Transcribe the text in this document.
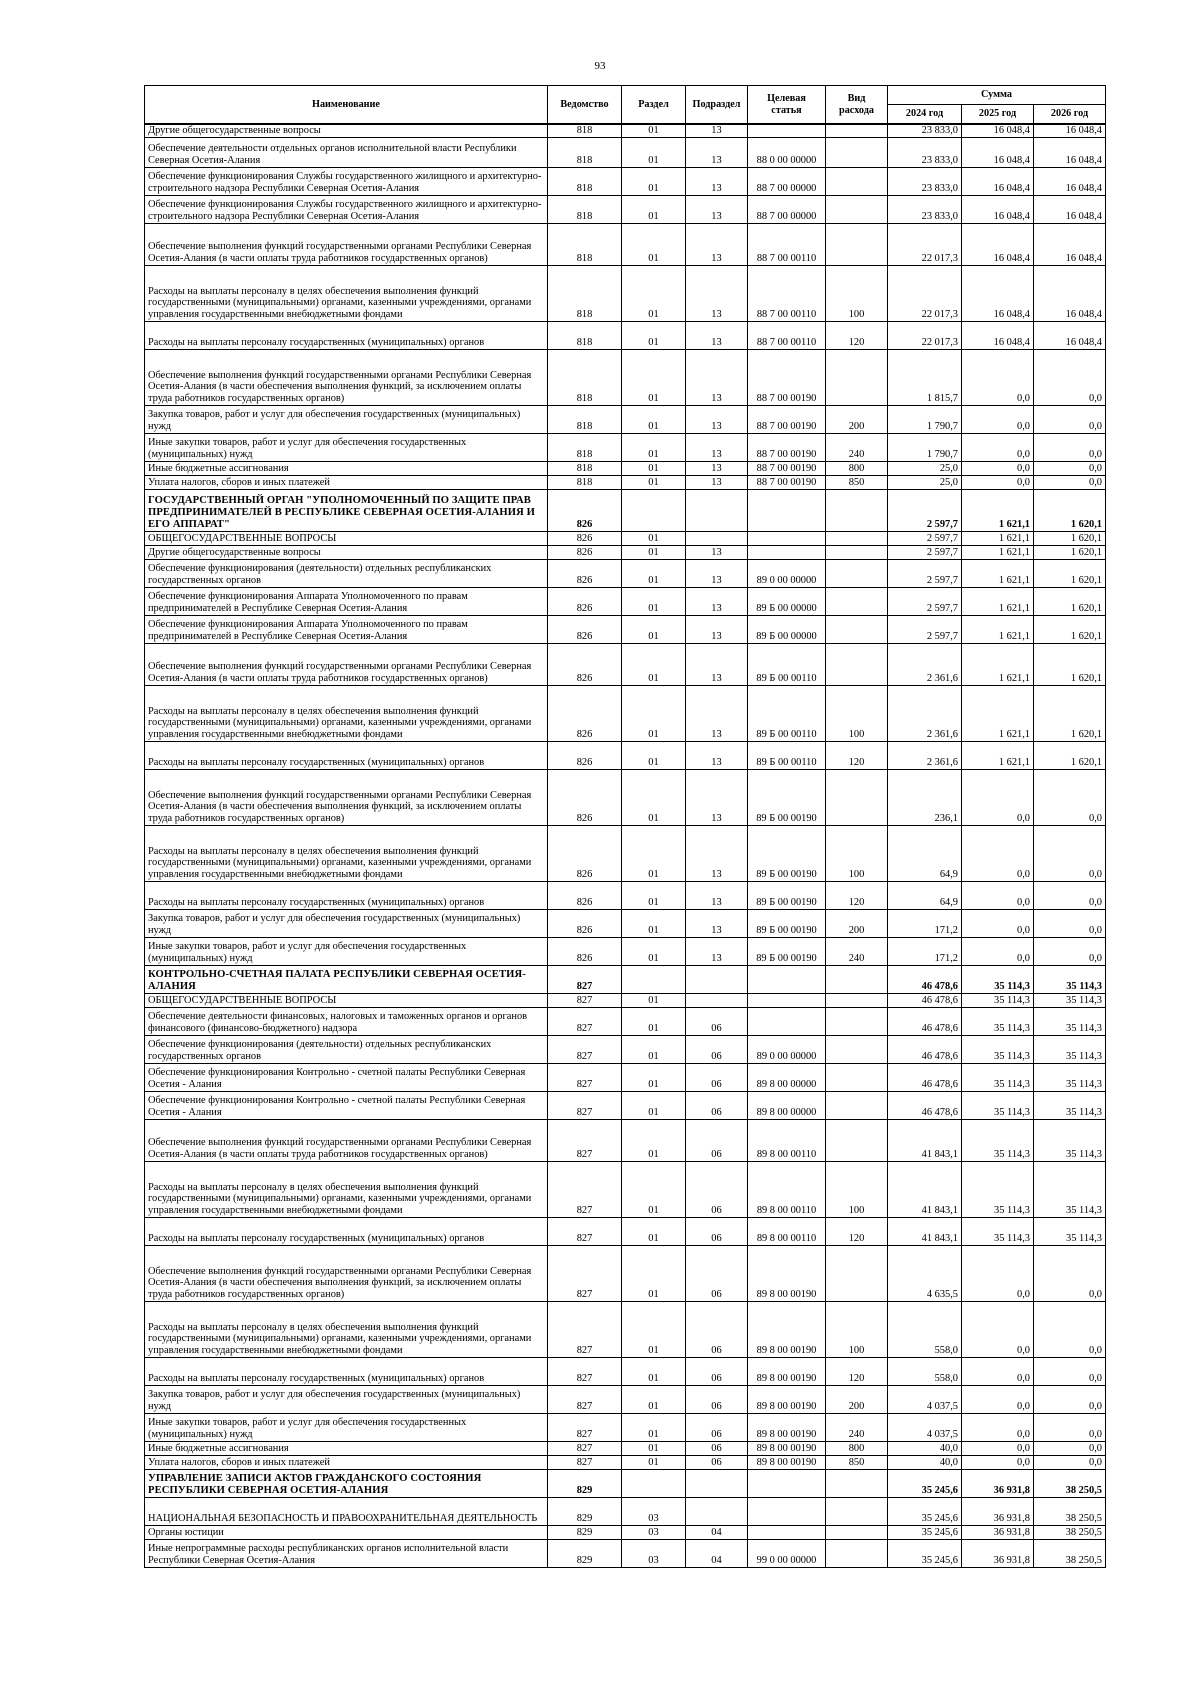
93
Наименование	Ведомство	Раздел	Подраздел	Целевая статья	Вид расхода	Сумма		
						2024 год	2025 год	2026 год
Другие общегосударственные вопросы	818	01	13			23 833,0	16 048,4	16 048,4
Обеспечение деятельности отдельных органов исполнительной власти Республики Северная Осетия-Алания	818	01	13	88 0 00 00000		23 833,0	16 048,4	16 048,4
Обеспечение функционирования Службы государственного жилищного и архитектурно-строительного надзора Республики Северная Осетия-Алания	818	01	13	88 7 00 00000		23 833,0	16 048,4	16 048,4
Обеспечение функционирования Службы государственного жилищного и архитектурно-строительного надзора Республики Северная Осетия-Алания	818	01	13	88 7 00 00000		23 833,0	16 048,4	16 048,4
Обеспечение выполнения функций государственными органами Республики Северная Осетия-Алания (в части оплаты труда работников государственных органов)	818	01	13	88 7 00 00110		22 017,3	16 048,4	16 048,4
Расходы на выплаты персоналу в целях обеспечения выполнения функций государственными (муниципальными) органами, казенными учреждениями, органами управления государственными внебюджетными фондами	818	01	13	88 7 00 00110	100	22 017,3	16 048,4	16 048,4
Расходы на выплаты персоналу государственных (муниципальных) органов	818	01	13	88 7 00 00110	120	22 017,3	16 048,4	16 048,4
Обеспечение выполнения функций государственными органами Республики Северная Осетия-Алания (в части обеспечения выполнения функций, за исключением оплаты труда работников государственных органов)	818	01	13	88 7 00 00190		1 815,7	0,0	0,0
Закупка товаров, работ и услуг для обеспечения государственных (муниципальных) нужд	818	01	13	88 7 00 00190	200	1 790,7	0,0	0,0
Иные закупки товаров, работ и услуг для обеспечения государственных (муниципальных) нужд	818	01	13	88 7 00 00190	240	1 790,7	0,0	0,0
Иные бюджетные ассигнования	818	01	13	88 7 00 00190	800	25,0	0,0	0,0
Уплата налогов, сборов и иных платежей	818	01	13	88 7 00 00190	850	25,0	0,0	0,0
ГОСУДАРСТВЕННЫЙ ОРГАН "УПОЛНОМОЧЕННЫЙ ПО ЗАЩИТЕ ПРАВ ПРЕДПРИНИМАТЕЛЕЙ В РЕСПУБЛИКЕ СЕВЕРНАЯ ОСЕТИЯ-АЛАНИЯ И ЕГО АППАРАТ"	826					2 597,7	1 621,1	1 620,1
ОБЩЕГОСУДАРСТВЕННЫЕ ВОПРОСЫ	826	01				2 597,7	1 621,1	1 620,1
Другие общегосударственные вопросы	826	01	13			2 597,7	1 621,1	1 620,1
Обеспечение функционирования (деятельности) отдельных республиканских государственных органов	826	01	13	89 0 00 00000		2 597,7	1 621,1	1 620,1
Обеспечение функционирования Аппарата Уполномоченного по правам предпринимателей в Республике Северная Осетия-Алания	826	01	13	89 Б 00 00000		2 597,7	1 621,1	1 620,1
Обеспечение функционирования Аппарата Уполномоченного по правам предпринимателей в Республике Северная Осетия-Алания	826	01	13	89 Б 00 00000		2 597,7	1 621,1	1 620,1
Обеспечение выполнения функций государственными органами Республики Северная Осетия-Алания (в части оплаты труда работников государственных органов)	826	01	13	89 Б 00 00110		2 361,6	1 621,1	1 620,1
Расходы на выплаты персоналу в целях обеспечения выполнения функций государственными (муниципальными) органами, казенными учреждениями, органами управления государственными внебюджетными фондами	826	01	13	89 Б 00 00110	100	2 361,6	1 621,1	1 620,1
Расходы на выплаты персоналу государственных (муниципальных) органов	826	01	13	89 Б 00 00110	120	2 361,6	1 621,1	1 620,1
Обеспечение выполнения функций государственными органами Республики Северная Осетия-Алания (в части обеспечения выполнения функций, за исключением оплаты труда работников государственных органов)	826	01	13	89 Б 00 00190		236,1	0,0	0,0
Расходы на выплаты персоналу в целях обеспечения выполнения функций государственными (муниципальными) органами, казенными учреждениями, органами управления государственными внебюджетными фондами	826	01	13	89 Б 00 00190	100	64,9	0,0	0,0
Расходы на выплаты персоналу государственных (муниципальных) органов	826	01	13	89 Б 00 00190	120	64,9	0,0	0,0
Закупка товаров, работ и услуг для обеспечения государственных (муниципальных) нужд	826	01	13	89 Б 00 00190	200	171,2	0,0	0,0
Иные закупки товаров, работ и услуг для обеспечения государственных (муниципальных) нужд	826	01	13	89 Б 00 00190	240	171,2	0,0	0,0
КОНТРОЛЬНО-СЧЕТНАЯ ПАЛАТА РЕСПУБЛИКИ СЕВЕРНАЯ ОСЕТИЯ-АЛАНИЯ	827					46 478,6	35 114,3	35 114,3
ОБЩЕГОСУДАРСТВЕННЫЕ ВОПРОСЫ	827	01				46 478,6	35 114,3	35 114,3
Обеспечение деятельности финансовых, налоговых и таможенных органов и органов финансового (финансово-бюджетного) надзора	827	01	06			46 478,6	35 114,3	35 114,3
Обеспечение функционирования (деятельности) отдельных республиканских государственных органов	827	01	06	89 0 00 00000		46 478,6	35 114,3	35 114,3
Обеспечение функционирования Контрольно - счетной палаты Республики Северная Осетия - Алания	827	01	06	89 8 00 00000		46 478,6	35 114,3	35 114,3
Обеспечение функционирования Контрольно - счетной палаты Республики Северная Осетия - Алания	827	01	06	89 8 00 00000		46 478,6	35 114,3	35 114,3
Обеспечение выполнения функций государственными органами Республики Северная Осетия-Алания (в части оплаты труда работников государственных органов)	827	01	06	89 8 00 00110		41 843,1	35 114,3	35 114,3
Расходы на выплаты персоналу в целях обеспечения выполнения функций государственными (муниципальными) органами, казенными учреждениями, органами управления государственными внебюджетными фондами	827	01	06	89 8 00 00110	100	41 843,1	35 114,3	35 114,3
Расходы на выплаты персоналу государственных (муниципальных) органов	827	01	06	89 8 00 00110	120	41 843,1	35 114,3	35 114,3
Обеспечение выполнения функций государственными органами Республики Северная Осетия-Алания (в части обеспечения выполнения функций, за исключением оплаты труда работников государственных органов)	827	01	06	89 8 00 00190		4 635,5	0,0	0,0
Расходы на выплаты персоналу в целях обеспечения выполнения функций государственными (муниципальными) органами, казенными учреждениями, органами управления государственными внебюджетными фондами	827	01	06	89 8 00 00190	100	558,0	0,0	0,0
Расходы на выплаты персоналу государственных (муниципальных) органов	827	01	06	89 8 00 00190	120	558,0	0,0	0,0
Закупка товаров, работ и услуг для обеспечения государственных (муниципальных) нужд	827	01	06	89 8 00 00190	200	4 037,5	0,0	0,0
Иные закупки товаров, работ и услуг для обеспечения государственных (муниципальных) нужд	827	01	06	89 8 00 00190	240	4 037,5	0,0	0,0
Иные бюджетные ассигнования	827	01	06	89 8 00 00190	800	40,0	0,0	0,0
Уплата налогов, сборов и иных платежей	827	01	06	89 8 00 00190	850	40,0	0,0	0,0
УПРАВЛЕНИЕ ЗАПИСИ АКТОВ ГРАЖДАНСКОГО СОСТОЯНИЯ РЕСПУБЛИКИ СЕВЕРНАЯ ОСЕТИЯ-АЛАНИЯ	829					35 245,6	36 931,8	38 250,5
НАЦИОНАЛЬНАЯ БЕЗОПАСНОСТЬ И ПРАВООХРАНИТЕЛЬНАЯ ДЕЯТЕЛЬНОСТЬ	829	03				35 245,6	36 931,8	38 250,5
Органы юстиции	829	03	04			35 245,6	36 931,8	38 250,5
Иные непрограммные расходы республиканских органов исполнительной власти Республики Северная Осетия-Алания	829	03	04	99 0 00 00000		35 245,6	36 931,8	38 250,5
